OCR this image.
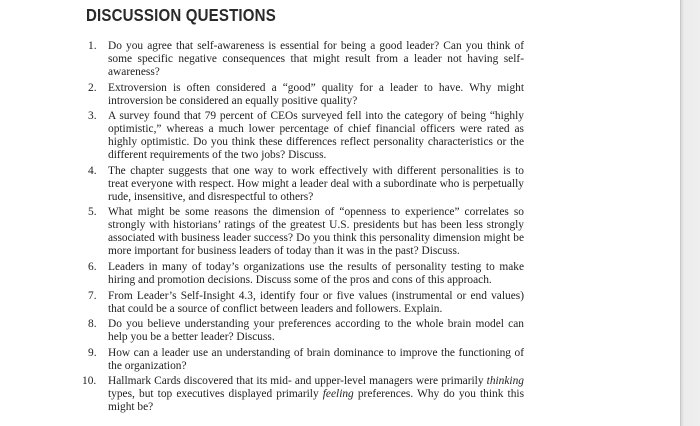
DISCUSSION QUESTIONS
1.	Do you agree that self-awareness is essential for being a good leader? Can you think of some specific negative consequences that might result from a leader not having self-awareness?
2.	Extroversion is often considered a “good” quality for a leader to have. Why might introversion be considered an equally positive quality?
3.	A survey found that 79 percent of CEOs surveyed fell into the category of being “highly optimistic,” whereas a much lower percentage of chief financial officers were rated as highly optimistic. Do you think these differences reflect personality characteristics or the different requirements of the two jobs? Discuss.
4.	The chapter suggests that one way to work effectively with different personalities is to treat everyone with respect. How might a leader deal with a subordinate who is perpetually rude, insensitive, and disrespectful to others?
5.	What might be some reasons the dimension of “openness to experience” correlates so strongly with historians’ ratings of the greatest U.S. presidents but has been less strongly associated with business leader success? Do you think this personality dimension might be more important for business leaders of today than it was in the past? Discuss.
6.	Leaders in many of today’s organizations use the results of personality testing to make hiring and promotion decisions. Discuss some of the pros and cons of this approach.
7.	From Leader’s Self-Insight 4.3, identify four or five values (instrumental or end values) that could be a source of conflict between leaders and followers. Explain.
8.	Do you believe understanding your preferences according to the whole brain model can help you be a better leader? Discuss.
9.	How can a leader use an understanding of brain dominance to improve the functioning of the organization?
10.	Hallmark Cards discovered that its mid- and upper-level managers were primarily thinking types, but top executives displayed primarily feeling preferences. Why do you think this might be?
